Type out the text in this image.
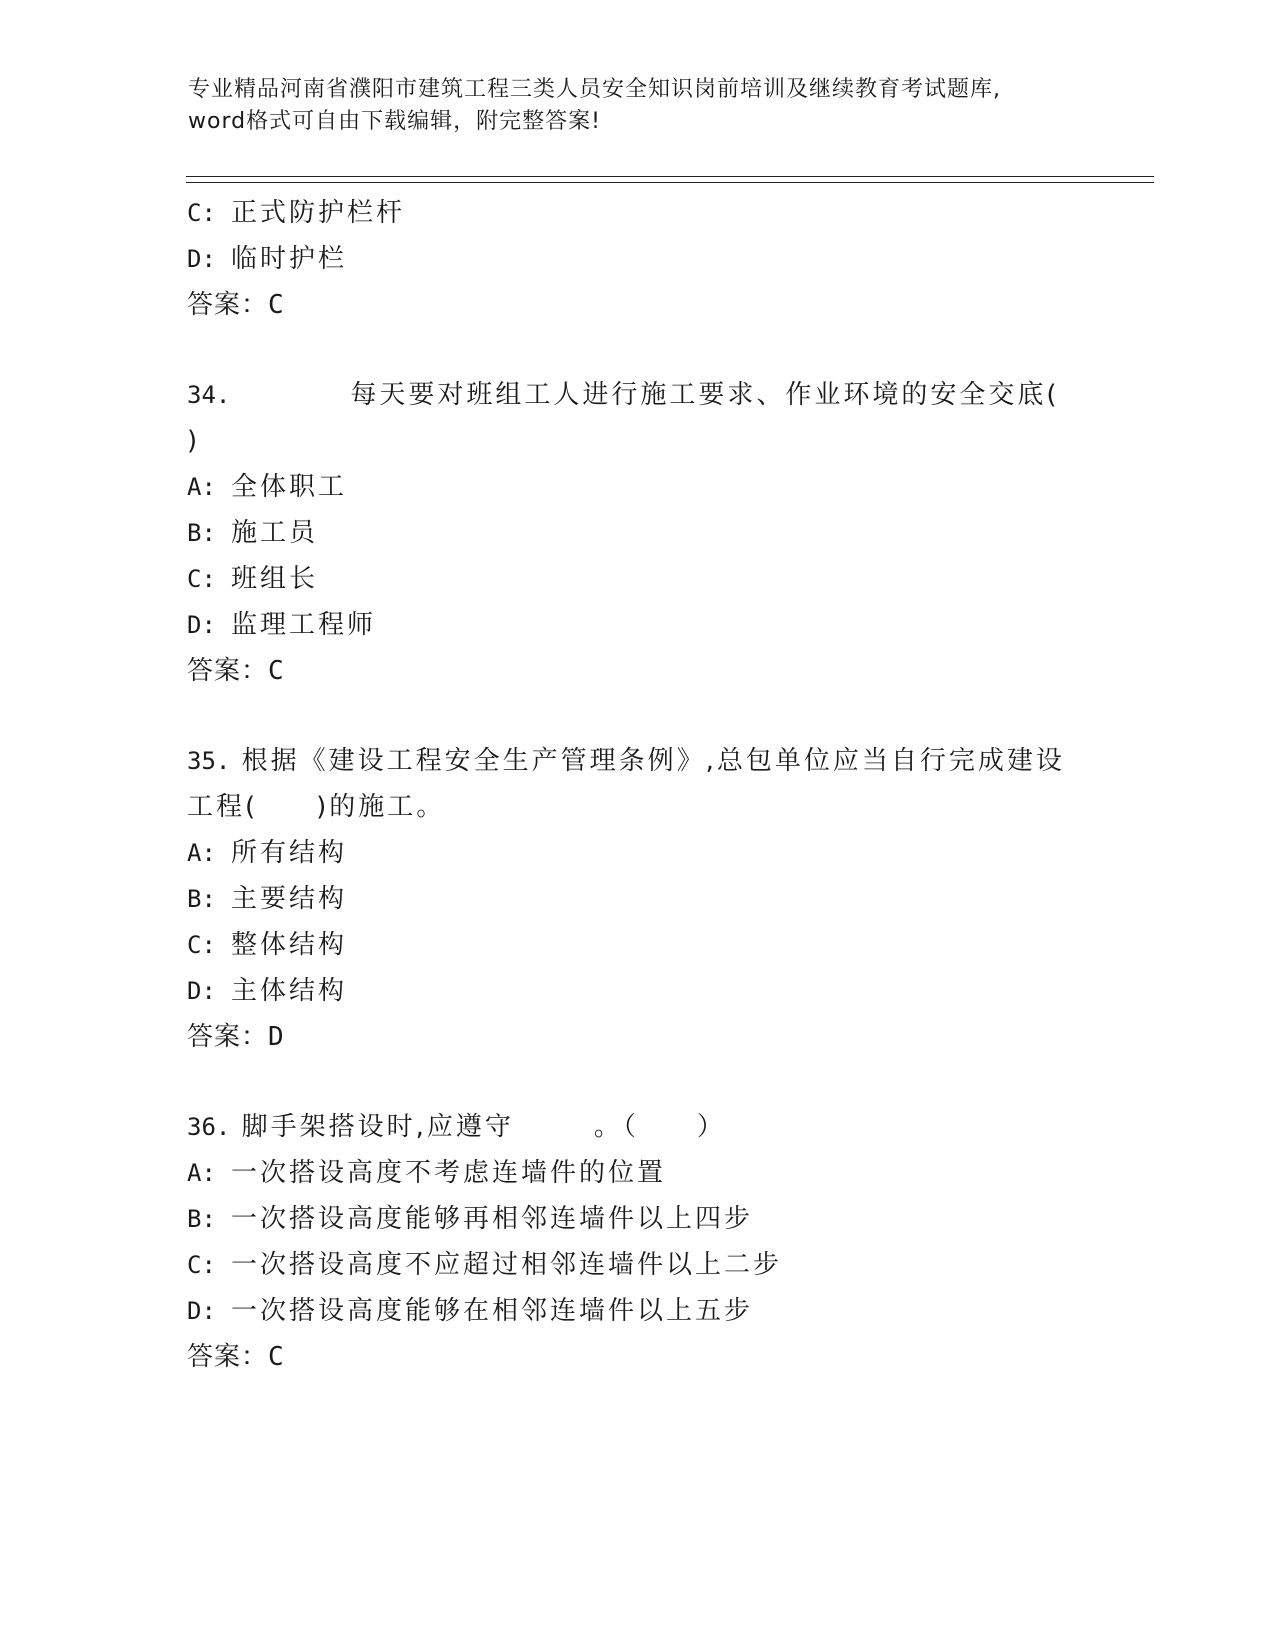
专业精品河南省濮阳市建筑工程三类人员安全知识岗前培训及继续教育考试题库,
word格式可自由下载编辑，附完整答案!
C: 正式防护栏杆
D: 临时护栏
答案：C
34.	每天要对班组工人进行施工要求、作业环境的安全交底(
)
A: 全体职工
B: 施工员
C: 班组长
D: 监理工程师
答案：C
35. 根据《建设工程安全生产管理条例》,总包单位应当自行完成建设
工程(　　)的施工。
A: 所有结构
B: 主要结构
C: 整体结构
D: 主体结构
答案：D
36. 脚手架搭设时,应遵守	。（　　）
A: 一次搭设高度不考虑连墙件的位置
B: 一次搭设高度能够再相邻连墙件以上四步
C: 一次搭设高度不应超过相邻连墙件以上二步
D: 一次搭设高度能够在相邻连墙件以上五步
答案：C
